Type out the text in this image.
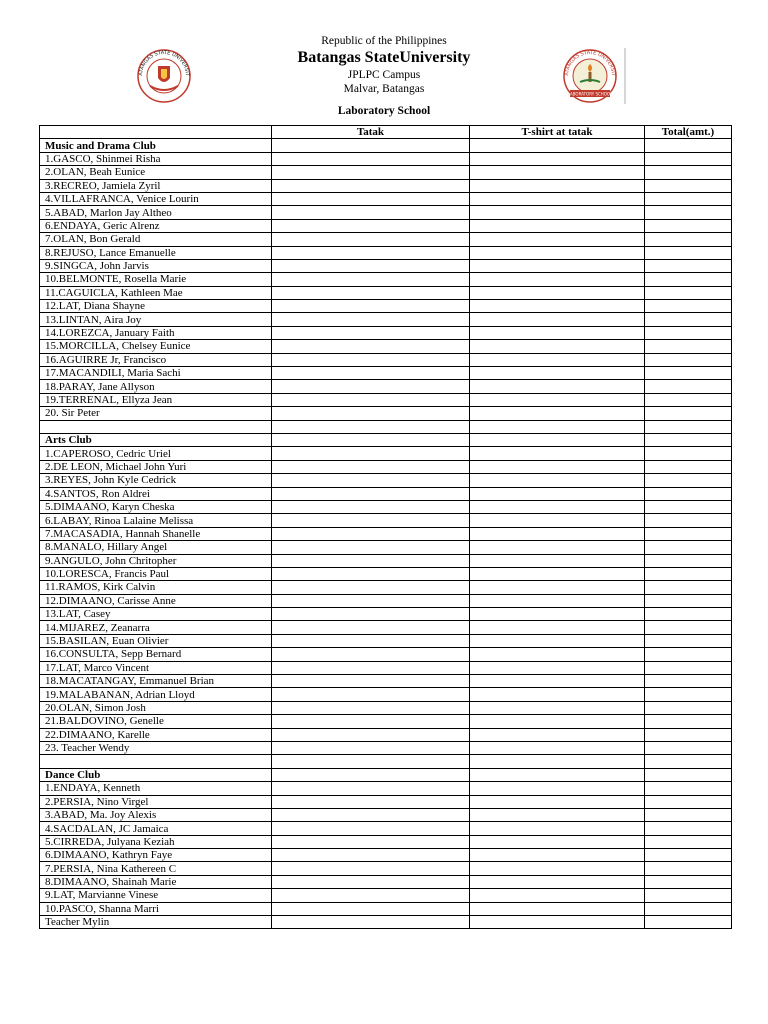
Republic of the Philippines
Batangas StateUniversity
JPLPC Campus
Malvar, Batangas
Laboratory School
ATANGAS STATE UNIVERSIT	ATANGAS STATE UNIVERSIT
LABORATORY SCHOOL
	Tatak	T-shirt at tatak	Total(amt.)
Music and Drama Club			
1.GASCO, Shinmei Risha			
2.OLAN, Beah Eunice			
3.RECREO, Jamiela Zyril			
4.VILLAFRANCA, Venice Lourin			
5.ABAD, Marlon Jay Altheo			
6.ENDAYA, Geric Alrenz			
7.OLAN, Bon Gerald			
8.REJUSO, Lance Emanuelle			
9.SINGCA, John Jarvis			
10.BELMONTE, Rosella Marie			
11.CAGUICLA, Kathleen Mae			
12.LAT, Diana Shayne			
13.LINTAN, Aira Joy			
14.LOREZCA, January Faith			
15.MORCILLA, Chelsey Eunice			
16.AGUIRRE Jr, Francisco			
17.MACANDILI, Maria Sachi			
18.PARAY, Jane Allyson			
19.TERRENAL, Ellyza Jean			
20. Sir Peter			

Arts Club			
1.CAPEROSO, Cedric Uriel			
2.DE LEON, Michael John Yuri			
3.REYES, John Kyle Cedrick			
4.SANTOS, Ron Aldrei			
5.DIMAANO, Karyn Cheska			
6.LABAY, Rinoa Lalaine Melissa			
7.MACASADIA, Hannah Shanelle			
8.MANALO, Hillary Angel			
9.ANGULO, John Chritopher			
10.LORESCA, Francis Paul			
11.RAMOS, Kirk Calvin			
12.DIMAANO, Carisse Anne			
13.LAT, Casey			
14.MIJAREZ, Zeanarra			
15.BASILAN, Euan Olivier			
16.CONSULTA, Sepp Bernard			
17.LAT, Marco Vincent			
18.MACATANGAY, Emmanuel Brian			
19.MALABANAN, Adrian Lloyd			
20.OLAN, Simon Josh			
21.BALDOVINO, Genelle			
22.DIMAANO, Karelle			
23. Teacher Wendy			

Dance Club			
1.ENDAYA, Kenneth			
2.PERSIA, Nino Virgel			
3.ABAD, Ma. Joy Alexis			
4.SACDALAN, JC Jamaica			
5.CIRREDA, Julyana Keziah			
6.DIMAANO, Kathryn Faye			
7.PERSIA, Nina Kathereen C			
8.DIMAANO, Shainah Marie			
9.LAT, Marvianne Vinese			
10.PASCO, Shanna Marri			
Teacher Mylin			
